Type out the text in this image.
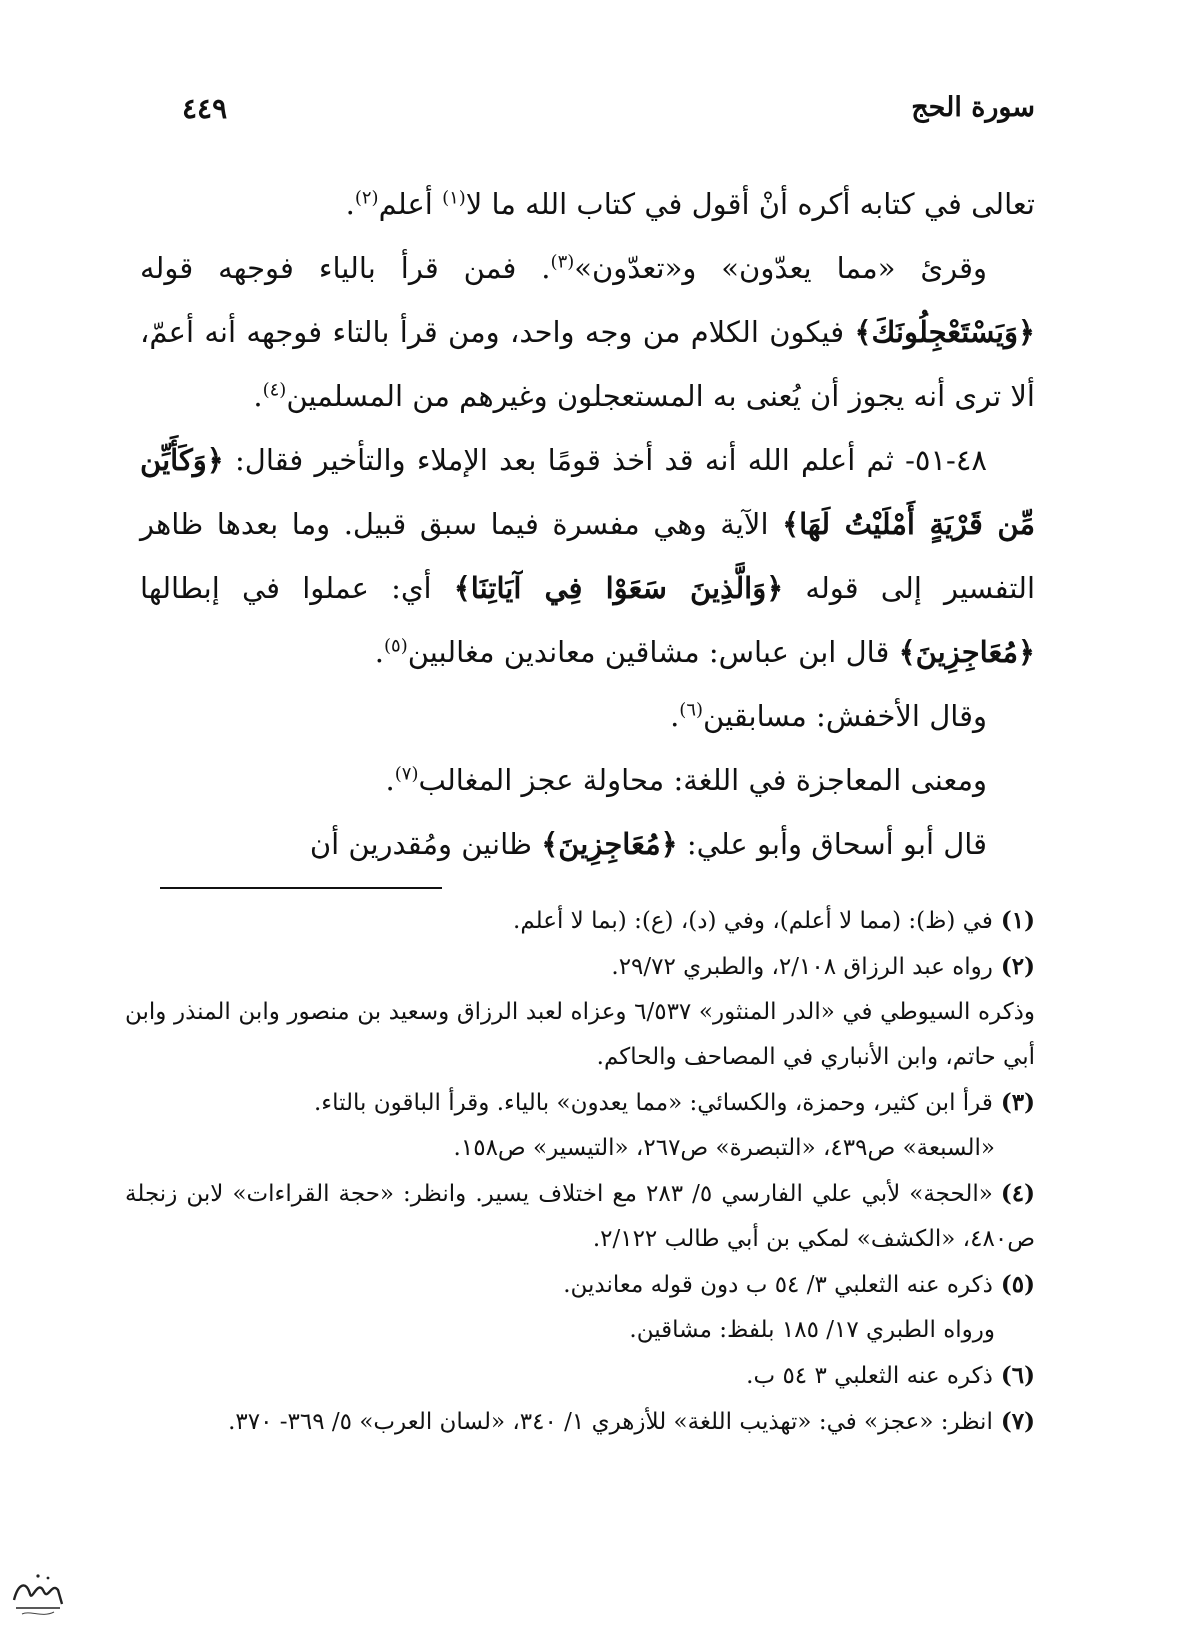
سورة الحج
٤٤٩
تعالى في كتابه أكره أنْ أقول في كتاب الله ما لا$^{(١)}$ أعلم$^{(٢)}$.
وقرئ «مما يعدّون» و«تعدّون»$^{(٣)}$. فمن قرأ بالياء فوجهه قوله ﴿وَيَسْتَعْجِلُونَكَ﴾ فيكون الكلام من وجه واحد، ومن قرأ بالتاء فوجهه أنه أعمّ، ألا ترى أنه يجوز أن يُعنى به المستعجلون وغيرهم من المسلمين$^{(٤)}$.
٤٨-٥١- ثم أعلم الله أنه قد أخذ قومًا بعد الإملاء والتأخير فقال: ﴿وَكَأَيِّن مِّن قَرْيَةٍ أَمْلَيْتُ لَهَا﴾ الآية وهي مفسرة فيما سبق قبيل. وما بعدها ظاهر التفسير إلى قوله ﴿وَالَّذِينَ سَعَوْا فِي آيَاتِنَا﴾ أي: عملوا في إبطالها ﴿مُعَاجِزِينَ﴾ قال ابن عباس: مشاقين معاندين مغالبين$^{(٥)}$.
وقال الأخفش: مسابقين$^{(٦)}$.
ومعنى المعاجزة في اللغة: محاولة عجز المغالب$^{(٧)}$.
قال أبو أسحاق وأبو علي: ﴿مُعَاجِزِينَ﴾ ظانين ومُقدرين أن
(١)في (ظ): (مما لا أعلم)، وفي (د)، (ع): (بما لا أعلم.
(٢)رواه عبد الرزاق ٢/١٠٨، والطبري ٢٩/٧٢.
وذكره السيوطي في «الدر المنثور» ٦/٥٣٧ وعزاه لعبد الرزاق وسعيد بن منصور وابن المنذر وابن أبي حاتم، وابن الأنباري في المصاحف والحاكم.
(٣)قرأ ابن كثير، وحمزة، والكسائي: «مما يعدون» بالياء. وقرأ الباقون بالتاء.
«السبعة» ص٤٣٩، «التبصرة» ص٢٦٧، «التيسير» ص١٥٨.
(٤)«الحجة» لأبي علي الفارسي ٥/ ٢٨٣ مع اختلاف يسير. وانظر: «حجة القراءات» لابن زنجلة ص٤٨٠، «الكشف» لمكي بن أبي طالب ٢/١٢٢.
(٥)ذكره عنه الثعلبي ٣/ ٥٤ ب دون قوله معاندين.
ورواه الطبري ١٧/ ١٨٥ بلفظ: مشاقين.
(٦)ذكره عنه الثعلبي ٣ ٥٤ ب.
(٧)انظر: «عجز» في: «تهذيب اللغة» للأزهري ١/ ٣٤٠، «لسان العرب» ٥/ ٣٦٩- ٣٧٠.
